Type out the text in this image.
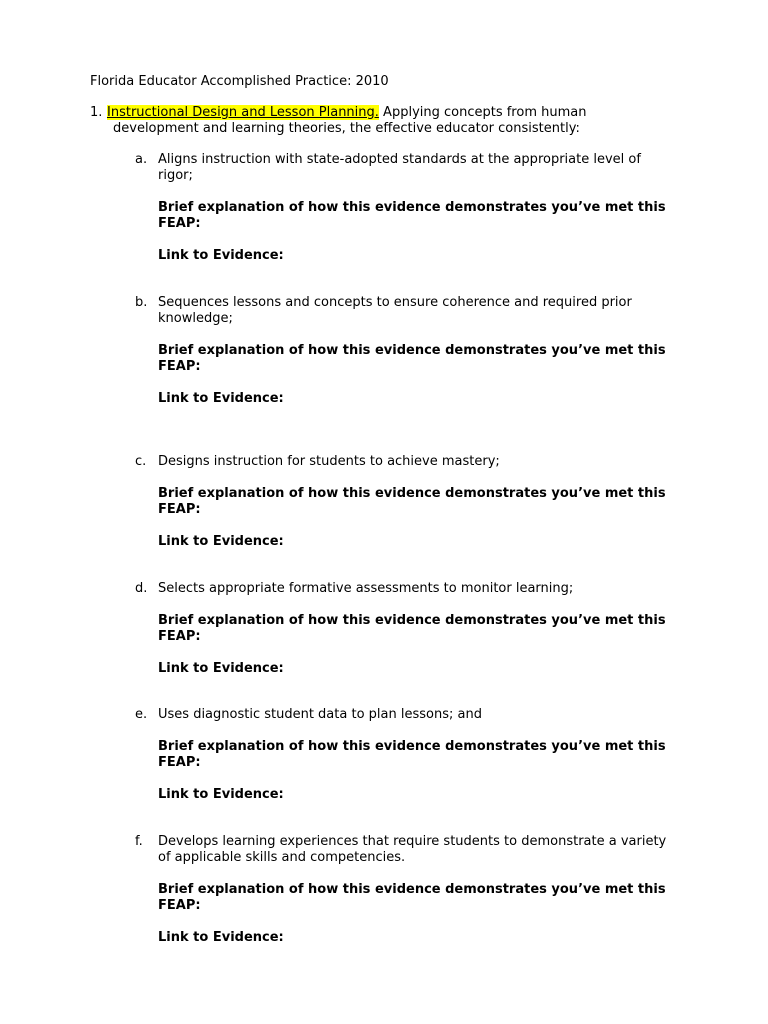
Florida Educator Accomplished Practice: 2010
1. Instructional Design and Lesson Planning. Applying concepts from human
development and learning theories, the effective educator consistently:
a. Aligns instruction with state-adopted standards at the appropriate level of
rigor;
Brief explanation of how this evidence demonstrates you’ve met this
FEAP:
Link to Evidence:
b. Sequences lessons and concepts to ensure coherence and required prior
knowledge;
Brief explanation of how this evidence demonstrates you’ve met this
FEAP:
Link to Evidence:
c. Designs instruction for students to achieve mastery;
Brief explanation of how this evidence demonstrates you’ve met this
FEAP:
Link to Evidence:
d. Selects appropriate formative assessments to monitor learning;
Brief explanation of how this evidence demonstrates you’ve met this
FEAP:
Link to Evidence:
e. Uses diagnostic student data to plan lessons; and
Brief explanation of how this evidence demonstrates you’ve met this
FEAP:
Link to Evidence:
f. Develops learning experiences that require students to demonstrate a variety
of applicable skills and competencies.
Brief explanation of how this evidence demonstrates you’ve met this
FEAP:
Link to Evidence:
